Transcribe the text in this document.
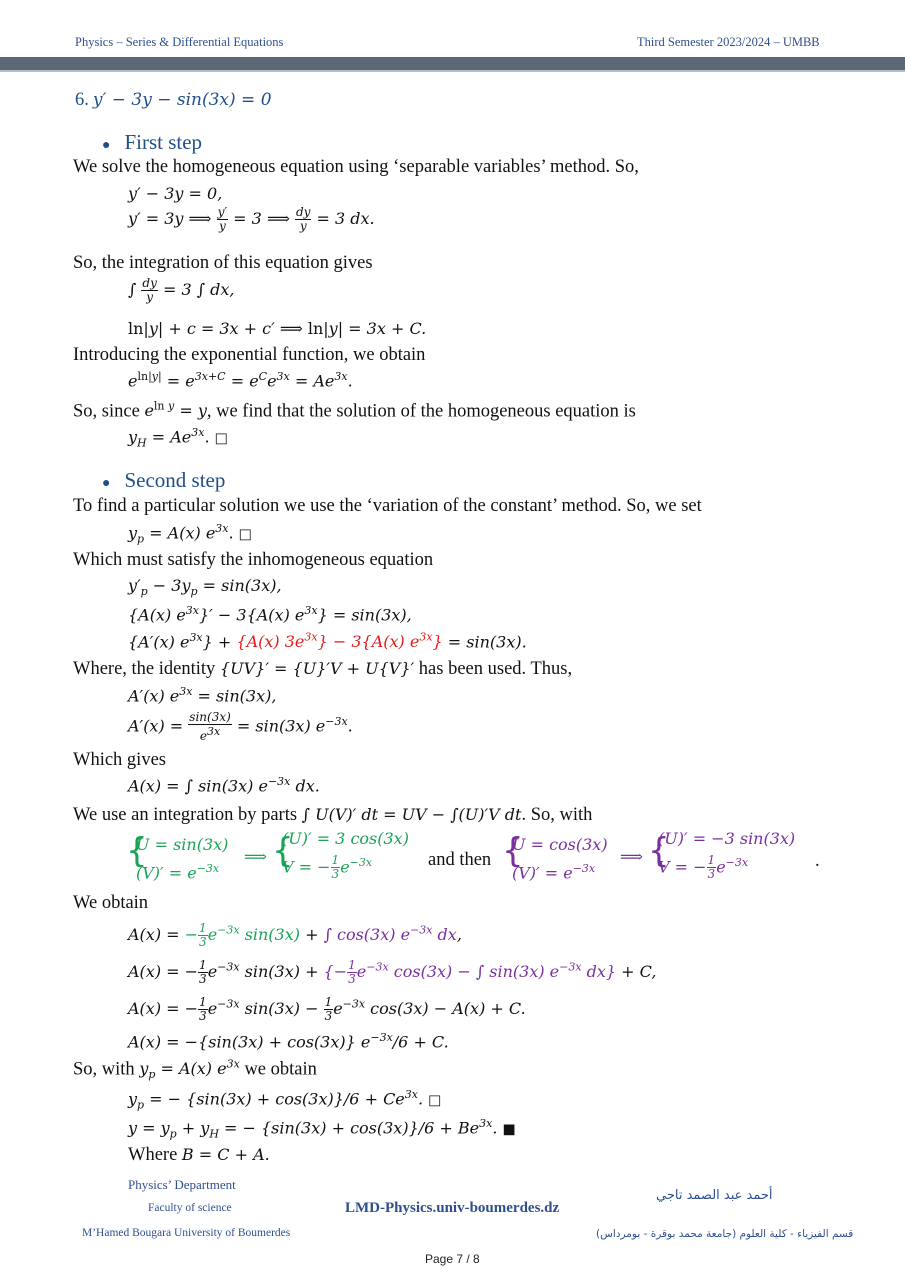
Physics – Series & Differential Equations	Third Semester 2023/2024 – UMBB
6. y′ − 3y − sin(3x) = 0
● First step
We solve the homogeneous equation using ‘separable variables’ method. So,
y′ − 3y = 0,
y′ = 3y ⟹ $\frac{y'}{y} = 3$ ⟹ $\frac{dy}{y} = 3$ dx.
So, the integration of this equation gives
∫ $\frac{dy}{y} = 3$ ∫ dx,
ln|y| + c = 3x + c′ ⟹ ln|y| = 3x + C.
Introducing the exponential function, we obtain
$e^{ln|y|} = e^{3x+C} = e^Ce^{3x} = Ae^{3x}$.
So, since $e^{ln y} = y$, we find that the solution of the homogeneous equation is
$y_H = Ae^{3x}$. □
● Second step
To find a particular solution we use the ‘variation of the constant’ method. So, we set
$y_p = A(x)$ $e^{3x}$. □
Which must satisfy the inhomogeneous equation
$y'_p - 3y_p = \sin(3x)$,
{A(x) $e^{3x}\}' - 3\{A(x) e^{3x}\} = \sin(3x)$,
{A′(x) $e^{3x}\} + \{A(x) 3e^{3x}\} - 3\{A(x) e^{3x}\} = \sin(3x)$.
Where, the identity {UV}′ = {U}′V + U{V}′ has been used. Thus,
A′(x) $e^{3x} = \sin(3x)$,
$A'(x) = \frac{\sin(3x)}{e^{3x}} = \sin(3x)$ $e^{-3x}$.
Which gives
A(x) = ∫ sin(3x) $e^{-3x}$ dx.
We use an integration by parts ∫ U(V)′ dt = UV − ∫(U)′V dt. So, with
{
U = sin(3x)
$(V)' = e^{-3x}$
⟹ {
(U)′ = 3 cos(3x)
V = − $\frac{1}{3} e^{-3x}$	and then {
U = cos(3x)
$(V)' = e^{-3x}$
⟹ {
(U)′ = −3 sin(3x)
V = − $\frac{1}{3} e^{-3x}$	.
We obtain
A(x) = − $\frac{1}{3} e^{-3x}$ sin(3x) + ∫ cos(3x) $e^{-3x}$ dx,
A(x) = − $\frac{1}{3} e^{-3x}$ sin(3x) + {− $\frac{1}{3} e^{-3x}$ cos(3x) − ∫ sin(3x) $e^{-3x}$ dx} + C,
A(x) = − $\frac{1}{3} e^{-3x}$ $\sin(3x) - \frac{1}{3} e^{-3x}$ cos(3x) − A(x) + C.
A(x) = −{sin(3x) + cos(3x)} $e^{-3x}/6 + C$.
So, with $y_p = A(x)$ $e^{3x}$ we obtain
$y_p$ = − $\{\sin(3x) + \cos(3x)\}/6 + Ce^{3x}$. □
$y = y_p + y_H$ = − $\{\sin(3x) + \cos(3x)\}/6 + Be^{3x}$. ■
Where B = C + A.
Physics’ Department
Faculty of science
M’Hamed Bougara University of Boumerdes
LMD-Physics.univ-boumerdes.dz
أحمد عبد الصمد تاجي
قسم الفيزياء - كلية العلوم (جامعة محمد بوقرة - بومرداس)
Page 7 / 8
